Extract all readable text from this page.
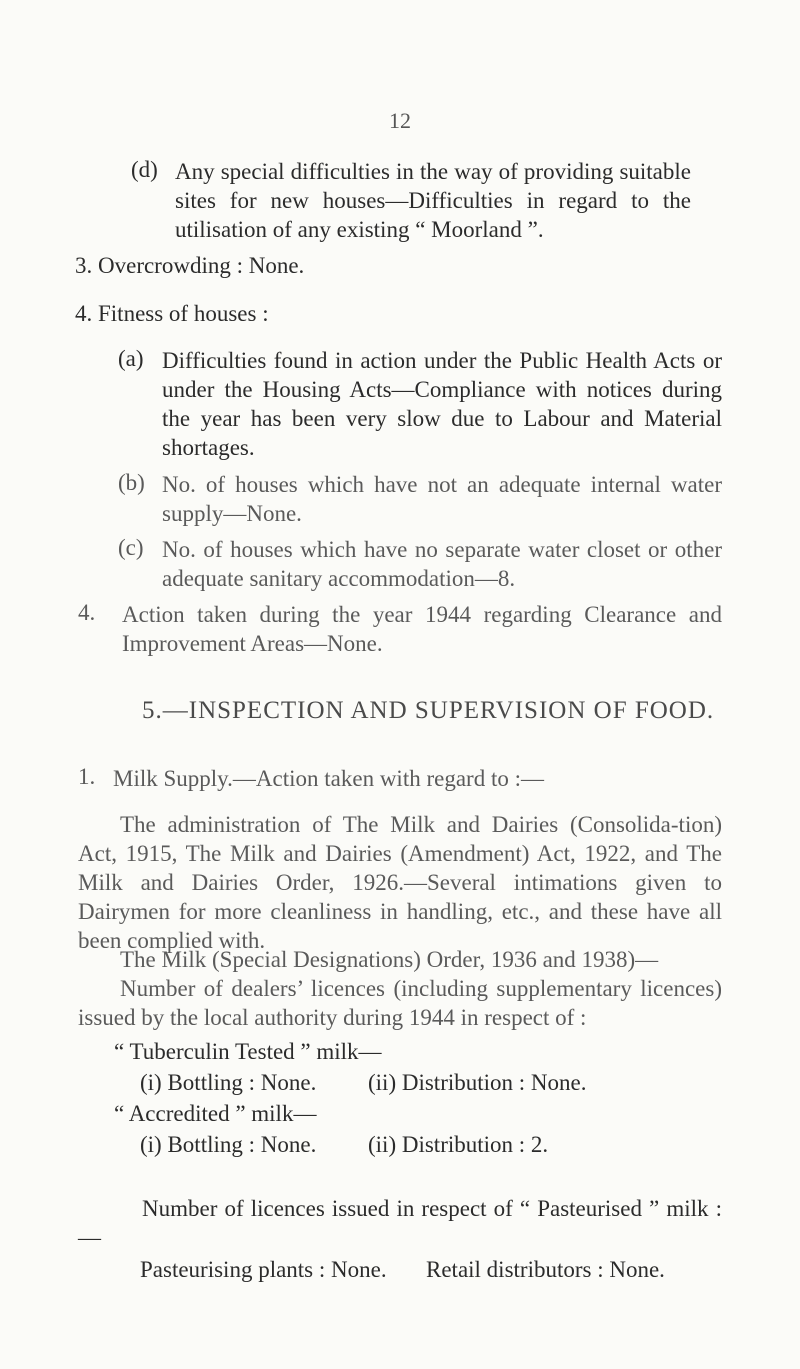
12
(d) Any special difficulties in the way of providing suitable sites for new houses—Difficulties in regard to the utilisation of any existing “ Moorland ”.

3. Overcrowding : None.

4. Fitness of houses :

(a) Difficulties found in action under the Public Health Acts or under the Housing Acts—Compliance with notices during the year has been very slow due to Labour and Material shortages.

(b) No. of houses which have not an adequate internal water supply—None.

(c) No. of houses which have no separate water closet or other adequate sanitary accommodation—8.

4. Action taken during the year 1944 regarding Clearance and Improvement Areas—None.

5.—INSPECTION AND SUPERVISION OF FOOD.
1. Milk Supply.—Action taken with regard to :—

The administration of The Milk and Dairies (Consolida-tion) Act, 1915, The Milk and Dairies (Amendment) Act, 1922, and The Milk and Dairies Order, 1926.—Several intimations given to Dairymen for more cleanliness in handling, etc., and these have all been complied with.

The Milk (Special Designations) Order, 1936 and 1938)—

Number of dealers’ licences (including supplementary licences) issued by the local authority during 1944 in respect of :

“ Tuberculin Tested ” milk—

(i) Bottling : None. (ii) Distribution : None.

“ Accredited ” milk—

(i) Bottling : None. (ii) Distribution : 2.

Number of licences issued in respect of “ Pasteurised ” milk :—

Pasteurising plants : None. Retail distributors : None.
